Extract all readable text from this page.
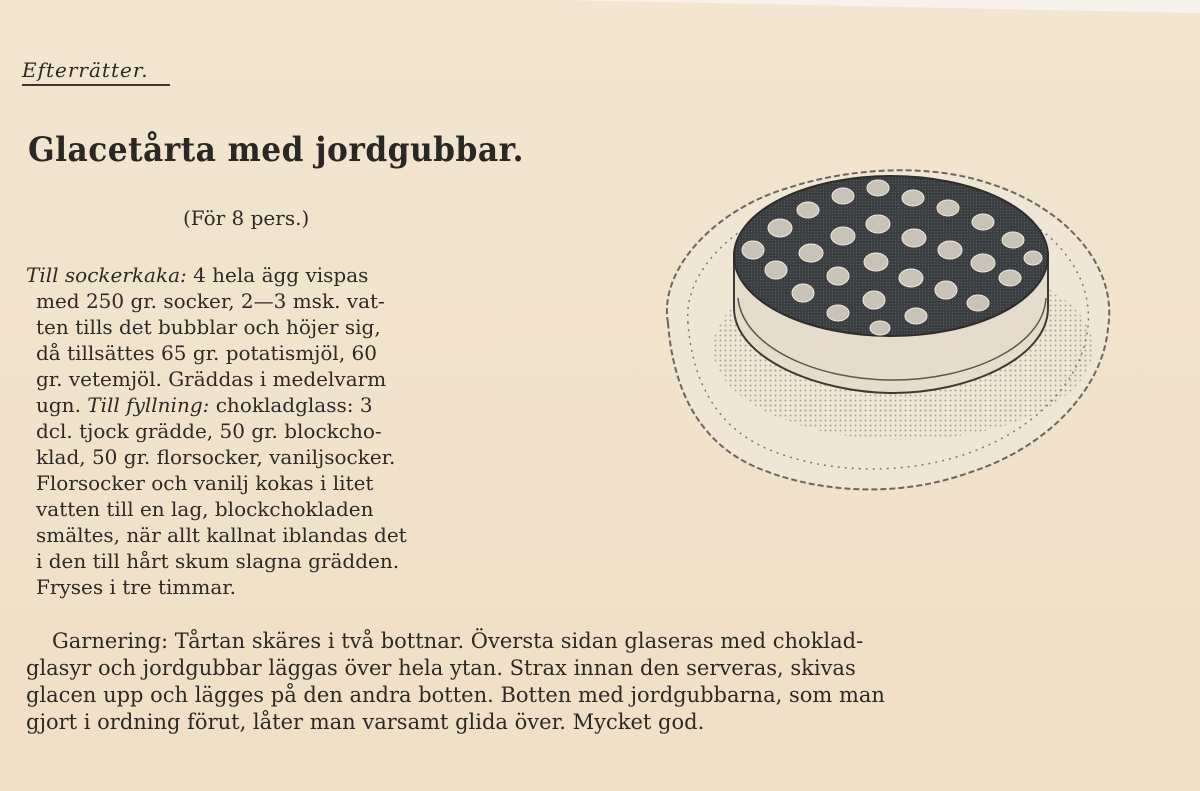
Efterrätter.
Glacetårta med jordgubbar.
(För 8 pers.)
Till sockerkaka: 4 hela ägg vispas
med 250 gr. socker, 2—3 msk. vat-
ten tills det bubblar och höjer sig,
då tillsättes 65 gr. potatismjöl, 60
gr. vetemjöl. Gräddas i medelvarm
ugn. Till fyllning: chokladglass: 3
dcl. tjock grädde, 50 gr. blockcho-
klad, 50 gr. florsocker, vaniljsocker.
Florsocker och vanilj kokas i litet
vatten till en lag, blockchokladen
smältes, när allt kallnat iblandas det
i den till hårt skum slagna grädden.
Fryses i tre timmar.
Garnering: Tårtan skäres i två bottnar. Översta sidan glaseras med choklad-
glasyr och jordgubbar läggas över hela ytan. Strax innan den serveras, skivas
glacen upp och lägges på den andra botten. Botten med jordgubbarna, som man
gjort i ordning förut, låter man varsamt glida över. Mycket god.
